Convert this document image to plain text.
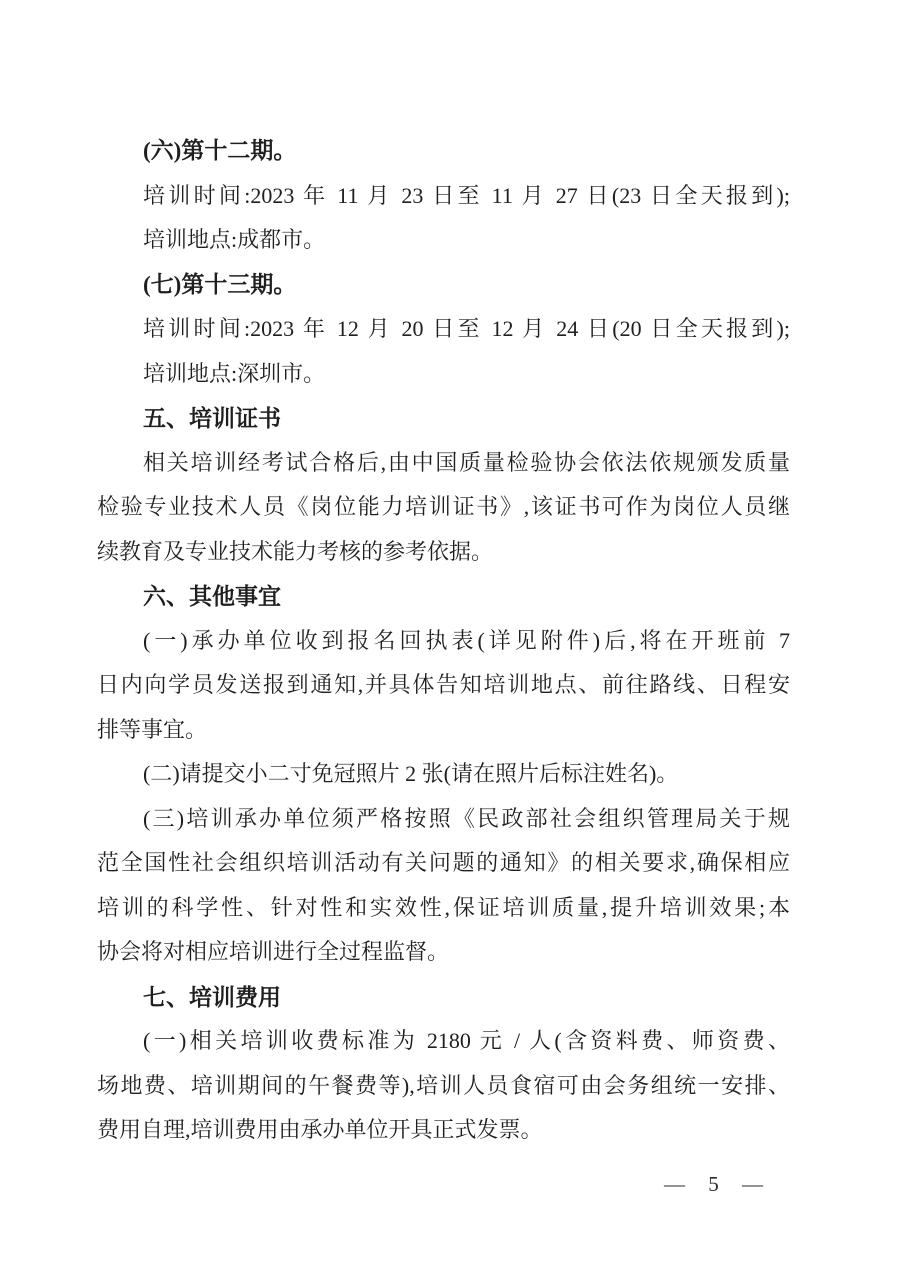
(六)第十二期。
培训时间:2023 年 11 月 23 日至 11 月 27 日(23 日全天报到);
培训地点:成都市。
(七)第十三期。
培训时间:2023 年 12 月 20 日至 12 月 24 日(20 日全天报到);
培训地点:深圳市。
五、培训证书
相关培训经考试合格后,由中国质量检验协会依法依规颁发质量
检验专业技术人员《岗位能力培训证书》,该证书可作为岗位人员继
续教育及专业技术能力考核的参考依据。
六、其他事宜
(一)承办单位收到报名回执表(详见附件)后,将在开班前 7
日内向学员发送报到通知,并具体告知培训地点、前往路线、日程安
排等事宜。
(二)请提交小二寸免冠照片 2 张(请在照片后标注姓名)。
(三)培训承办单位须严格按照《民政部社会组织管理局关于规
范全国性社会组织培训活动有关问题的通知》的相关要求,确保相应
培训的科学性、针对性和实效性,保证培训质量,提升培训效果;本
协会将对相应培训进行全过程监督。
七、培训费用
(一)相关培训收费标准为 2180 元 / 人(含资料费、师资费、
场地费、培训期间的午餐费等),培训人员食宿可由会务组统一安排、
费用自理,培训费用由承办单位开具正式发票。
— 5 —
